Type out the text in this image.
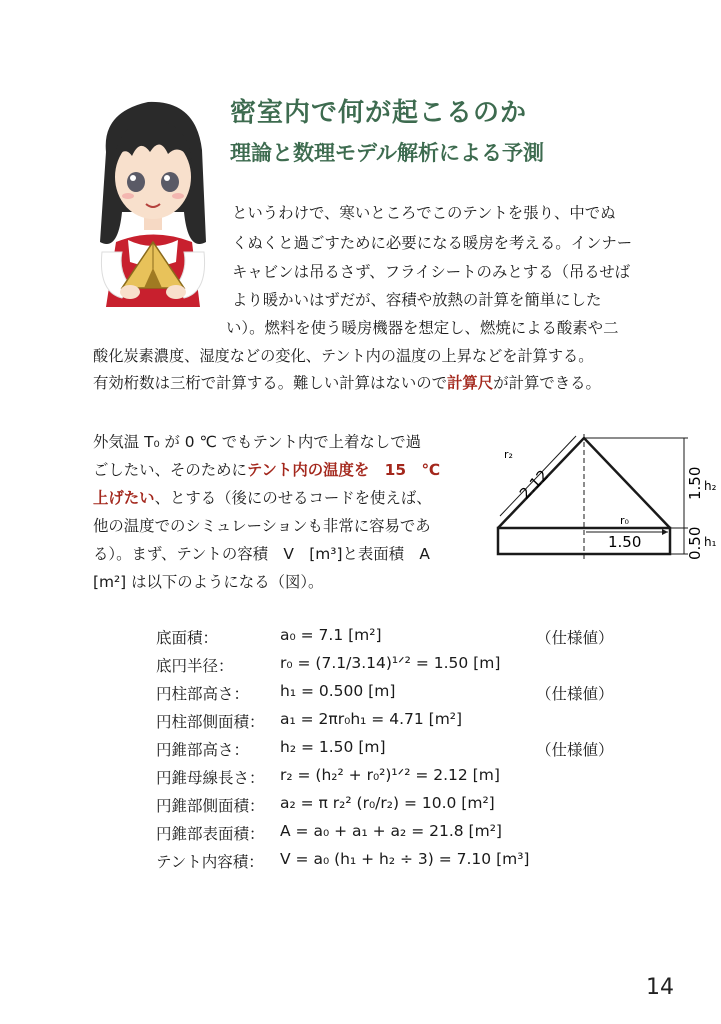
密室内で何が起こるのか
理論と数理モデル解析による予測
というわけで、寒いところでこのテントを張り、中でぬ
くぬくと過ごすために必要になる暖房を考える。インナー
キャビンは吊るさず、フライシートのみとする（吊るせば
より暖かいはずだが、容積や放熱の計算を簡単にした
い）。燃料を使う暖房機器を想定し、燃焼による酸素や二
酸化炭素濃度、湿度などの変化、テント内の温度の上昇などを計算する。
有効桁数は三桁で計算する。難しい計算はないので計算尺が計算できる。
外気温 T₀ が 0 ℃ でもテント内で上着なしで過
ごしたい、そのためにテント内の温度を　15　℃
上げたい、とする（後にのせるコードを使えば、
他の温度でのシミュレーションも非常に容易であ
る）。まず、テントの容積　V　[m³]と表面積　A
[m²] は以下のようになる（図）。
r₂
2.12
r₀
1.50
1.50 h₂
0.50 h₁
底面積：	a₀ = 7.1 [m²]	（仕様値）
底円半径：	r₀ = (7.1/3.14)¹ᐟ² = 1.50 [m]
円柱部高さ： h₁ = 0.500 [m]	（仕様値）
円柱部側面積： a₁ = 2πr₀h₁ = 4.71 [m²]
円錐部高さ： h₂ = 1.50 [m]	（仕様値）
円錐母線長さ： r₂ = (h₂² + r₀²)¹ᐟ² = 2.12 [m]
円錐部側面積： a₂ = π r₂² (r₀/r₂) = 10.0 [m²]
円錐部表面積： A = a₀ + a₁ + a₂ = 21.8 [m²]
テント内容積： V = a₀ (h₁ + h₂ ÷ 3) = 7.10 [m³]
14
